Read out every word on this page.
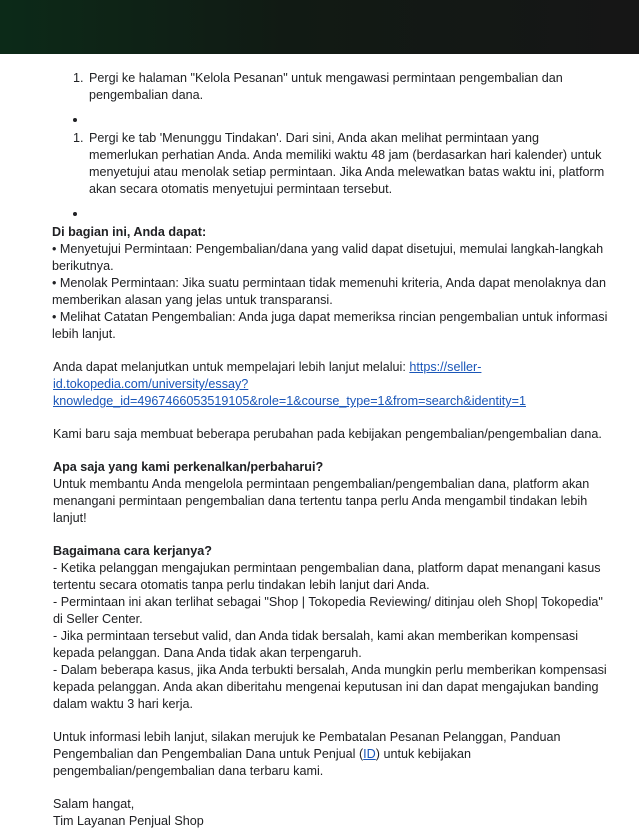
1. Pergi ke halaman "Kelola Pesanan" untuk mengawasi permintaan pengembalian dan pengembalian dana.
•
1. Pergi ke tab 'Menunggu Tindakan'. Dari sini, Anda akan melihat permintaan yang memerlukan perhatian Anda. Anda memiliki waktu 48 jam (berdasarkan hari kalender) untuk menyetujui atau menolak setiap permintaan. Jika Anda melewatkan batas waktu ini, platform akan secara otomatis menyetujui permintaan tersebut.
•

Di bagian ini, Anda dapat:

• Menyetujui Permintaan: Pengembalian/dana yang valid dapat disetujui, memulai langkah-langkah berikutnya.

• Menolak Permintaan: Jika suatu permintaan tidak memenuhi kriteria, Anda dapat menolaknya dan memberikan alasan yang jelas untuk transparansi.

• Melihat Catatan Pengembalian: Anda juga dapat memeriksa rincian pengembalian untuk informasi lebih lanjut.

Anda dapat melanjutkan untuk mempelajari lebih lanjut melalui: https://seller-
id.tokopedia.com/university/essay?
knowledge_id=4967466053519105&role=1&course_type=1&from=search&identity=1

Kami baru saja membuat beberapa perubahan pada kebijakan pengembalian/pengembalian dana.

Apa saja yang kami perkenalkan/perbaharui?

Untuk membantu Anda mengelola permintaan pengembalian/pengembalian dana, platform akan menangani permintaan pengembalian dana tertentu tanpa perlu Anda mengambil tindakan lebih lanjut!

Bagaimana cara kerjanya?

- Ketika pelanggan mengajukan permintaan pengembalian dana, platform dapat menangani kasus tertentu secara otomatis tanpa perlu tindakan lebih lanjut dari Anda.

- Permintaan ini akan terlihat sebagai "Shop | Tokopedia Reviewing/ ditinjau oleh Shop| Tokopedia" di Seller Center.

- Jika permintaan tersebut valid, dan Anda tidak bersalah, kami akan memberikan kompensasi kepada pelanggan. Dana Anda tidak akan terpengaruh.

- Dalam beberapa kasus, jika Anda terbukti bersalah, Anda mungkin perlu memberikan kompensasi kepada pelanggan. Anda akan diberitahu mengenai keputusan ini dan dapat mengajukan banding dalam waktu 3 hari kerja.

Untuk informasi lebih lanjut, silakan merujuk ke Pembatalan Pesanan Pelanggan, Panduan Pengembalian dan Pengembalian Dana untuk Penjual (ID) untuk kebijakan pengembalian/pengembalian dana terbaru kami.

Salam hangat,

Tim Layanan Penjual Shop
